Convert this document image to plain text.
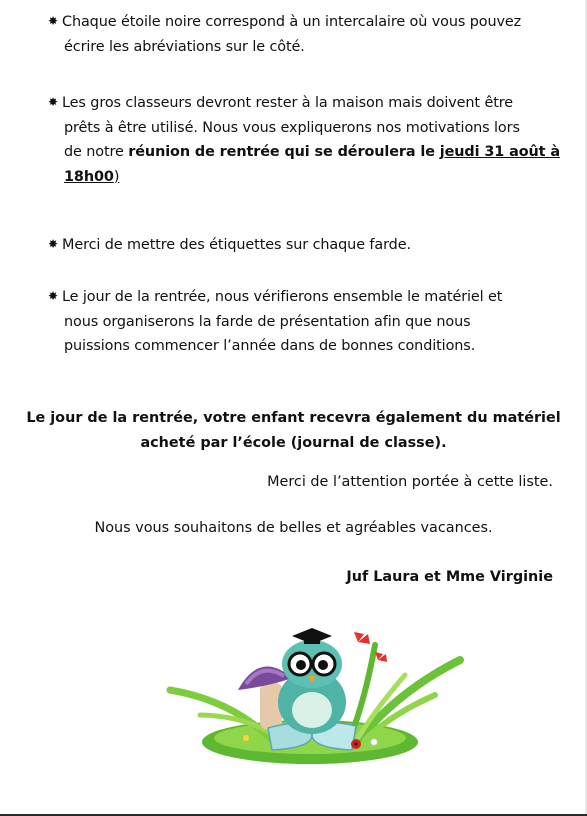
✸ Chaque étoile noire correspond à un intercalaire où vous pouvez
écrire les abréviations sur le côté.
✸ Les gros classeurs devront rester à la maison mais doivent être
prêts à être utilisé. Nous vous expliquerons nos motivations lors
de notre réunion de rentrée qui se déroulera le jeudi 31 août à
18h00)
✸ Merci de mettre des étiquettes sur chaque farde.
✸ Le jour de la rentrée, nous vérifierons ensemble le matériel et
nous organiserons la farde de présentation afin que nous
puissions commencer l’année dans de bonnes conditions.
Le jour de la rentrée, votre enfant recevra également du matériel
acheté par l’école (journal de classe).
Merci de l’attention portée à cette liste.
Nous vous souhaitons de belles et agréables vacances.
Juf Laura et Mme Virginie
